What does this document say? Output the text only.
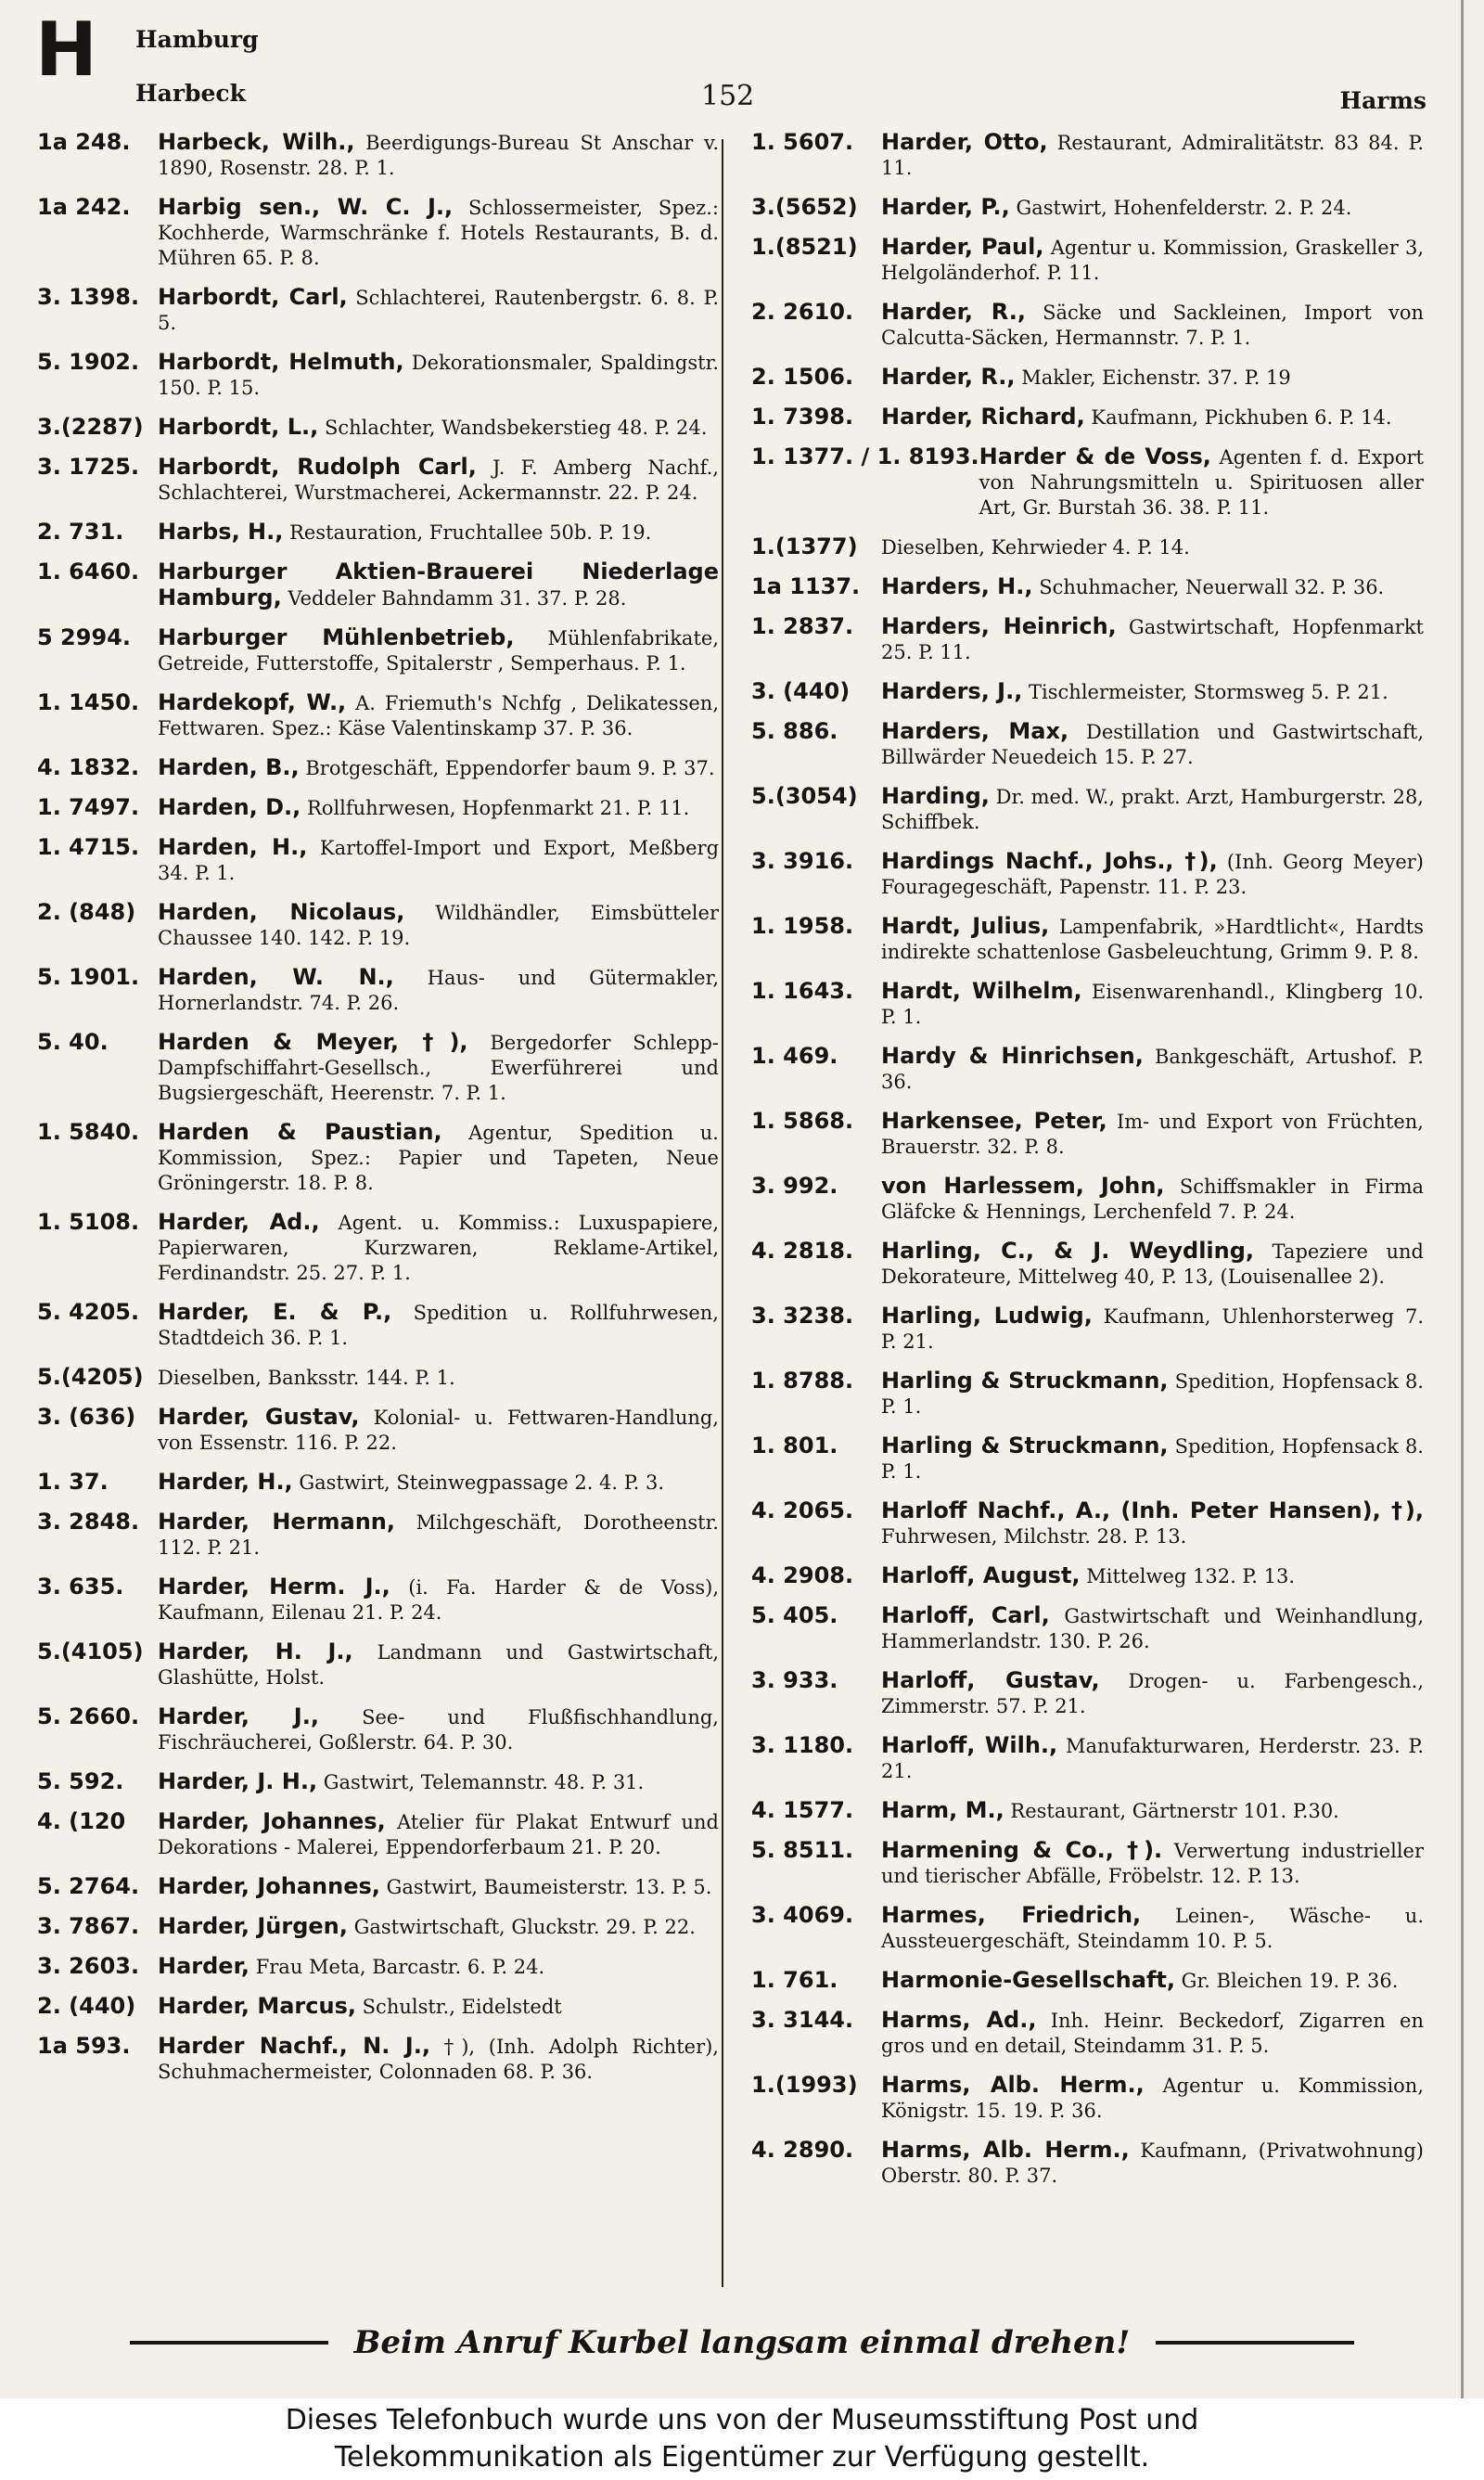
H Hamburg
Harbeck	152	Harms
1a 248.	Harbeck, Wilh., Beerdigungs-Bureau St Anschar v. 1890, Rosenstr. 28. P. 1.
1a 242.	Harbig sen., W. C. J., Schlossermeister, Spez.: Kochherde, Warmschränke f. Hotels Restaurants, B. d. Mühren 65. P. 8.
3. 1398. Harbordt, Carl, Schlachterei, Rautenbergstr. 6. 8. P. 5.
5. 1902. Harbordt, Helmuth, Dekorationsmaler, Spaldingstr. 150. P. 15.
3.(2287) Harbordt, L., Schlachter, Wandsbekerstieg 48. P. 24.
3. 1725. Harbordt, Rudolph Carl, J. F. Amberg Nachf., Schlachterei, Wurstmacherei, Ackermannstr. 22. P. 24.
2. 731.	Harbs, H., Restauration, Fruchtallee 50b. P. 19.
1. 6460. Harburger Aktien-Brauerei Niederlage Hamburg, Veddeler Bahndamm 31. 37. P. 28.
5 2994.	Harburger Mühlenbetrieb, Mühlenfabrikate, Getreide, Futterstoffe, Spitalerstr , Semperhaus. P. 1.
1. 1450. Hardekopf, W., A. Friemuth's Nchfg , Delikatessen, Fettwaren. Spez.: Käse Valentinskamp 37. P. 36.
4. 1832. Harden, B., Brotgeschäft, Eppendorfer baum 9. P. 37.
1. 7497. Harden, D., Rollfuhrwesen, Hopfenmarkt 21. P. 11.
1. 4715. Harden, H., Kartoffel-Import und Export, Meßberg 34. P. 1.
2. (848) Harden, Nicolaus, Wildhändler, Eimsbütteler Chaussee 140. 142. P. 19.
5. 1901. Harden, W. N., Haus- und Gütermakler, Hornerlandstr. 74. P. 26.
5. 40.	Harden & Meyer, †), Bergedorfer Schlepp-Dampfschiffahrt-Gesellsch., Ewerführerei und Bugsiergeschäft, Heerenstr. 7. P. 1.
1. 5840. Harden & Paustian, Agentur, Spedition u. Kommission, Spez.: Papier und Tapeten, Neue Gröningerstr. 18. P. 8.
1. 5108. Harder, Ad., Agent. u. Kommiss.: Luxuspapiere, Papierwaren, Kurzwaren, Reklame-Artikel, Ferdinandstr. 25. 27. P. 1.
5. 4205. Harder, E. & P., Spedition u. Rollfuhrwesen, Stadtdeich 36. P. 1.
5.(4205) Dieselben, Banksstr. 144. P. 1.
3. (636) Harder, Gustav, Kolonial- u. Fettwaren-Handlung, von Essenstr. 116. P. 22.
1. 37.	Harder, H., Gastwirt, Steinwegpassage 2. 4. P. 3.
3. 2848. Harder, Hermann, Milchgeschäft, Dorotheenstr. 112. P. 21.
3. 635.	Harder, Herm. J., (i. Fa. Harder & de Voss), Kaufmann, Eilenau 21. P. 24.
5.(4105) Harder, H. J., Landmann und Gastwirtschaft, Glashütte, Holst.
5. 2660. Harder, J., See- und Flußfischhandlung, Fischräucherei, Goßlerstr. 64. P. 30.
5. 592.	Harder, J. H., Gastwirt, Telemannstr. 48. P. 31.
4. (120	Harder, Johannes, Atelier für Plakat Entwurf und Dekorations - Malerei, Eppendorferbaum 21. P. 20.
5. 2764. Harder, Johannes, Gastwirt, Baumeisterstr. 13. P. 5.
3. 7867. Harder, Jürgen, Gastwirtschaft, Gluckstr. 29. P. 22.
3. 2603. Harder, Frau Meta, Barcastr. 6. P. 24.
2. (440) Harder, Marcus, Schulstr., Eidelstedt
1a 593.	Harder Nachf., N. J., †), (Inh. Adolph Richter), Schuhmachermeister, Colonnaden 68. P. 36.
1. 5607.	Harder, Otto, Restaurant, Admiralitätstr. 83 84. P. 11.
3.(5652)	Harder, P., Gastwirt, Hohenfelderstr. 2. P. 24.
1.(8521)	Harder, Paul, Agentur u. Kommission, Graskeller 3, Helgoländerhof. P. 11.
2. 2610.	Harder, R., Säcke und Sackleinen, Import von Calcutta-Säcken, Hermannstr. 7. P. 1.
2. 1506.	Harder, R., Makler, Eichenstr. 37. P. 19
1. 7398.	Harder, Richard, Kaufmann, Pickhuben 6. P. 14.
1. 1377. / 1. 8193. Harder & de Voss, Agenten f. d. Export von Nahrungsmitteln u. Spirituosen aller Art, Gr. Burstah 36. 38. P. 11.
1.(1377)	Dieselben, Kehrwieder 4. P. 14.
1a 1137. Harders, H., Schuhmacher, Neuerwall 32. P. 36.
1. 2837.	Harders, Heinrich, Gastwirtschaft, Hopfenmarkt 25. P. 11.
3. (440)	Harders, J., Tischlermeister, Stormsweg 5. P. 21.
5. 886.	Harders, Max, Destillation und Gastwirtschaft, Billwärder Neuedeich 15. P. 27.
5.(3054)	Harding, Dr. med. W., prakt. Arzt, Hamburgerstr. 28, Schiffbek.
3. 3916.	Hardings Nachf., Johs., †), (Inh. Georg Meyer) Fouragegeschäft, Papenstr. 11. P. 23.
1. 1958.	Hardt, Julius, Lampenfabrik, »Hardtlicht«, Hardts indirekte schattenlose Gasbeleuchtung, Grimm 9. P. 8.
1. 1643.	Hardt, Wilhelm, Eisenwarenhandl., Klingberg 10. P. 1.
1. 469.	Hardy & Hinrichsen, Bankgeschäft, Artushof. P. 36.
1. 5868.	Harkensee, Peter, Im- und Export von Früchten, Brauerstr. 32. P. 8.
3. 992.	von Harlessem, John, Schiffsmakler in Firma Gläfcke & Hennings, Lerchenfeld 7. P. 24.
4. 2818.	Harling, C., & J. Weydling, Tapeziere und Dekorateure, Mittelweg 40, P. 13, (Louisenallee 2).
3. 3238.	Harling, Ludwig, Kaufmann, Uhlenhorsterweg 7. P. 21.
1. 8788.	Harling & Struckmann, Spedition, Hopfensack 8. P. 1.
1. 801.	Harling & Struckmann, Spedition, Hopfensack 8. P. 1.
4. 2065.	Harloff Nachf., A., (Inh. Peter Hansen), †), Fuhrwesen, Milchstr. 28. P. 13.
4. 2908.	Harloff, August, Mittelweg 132. P. 13.
5. 405.	Harloff, Carl, Gastwirtschaft und Weinhandlung, Hammerlandstr. 130. P. 26.
3. 933.	Harloff, Gustav, Drogen- u. Farbengesch., Zimmerstr. 57. P. 21.
3. 1180.	Harloff, Wilh., Manufakturwaren, Herderstr. 23. P. 21.
4. 1577.	Harm, M., Restaurant, Gärtnerstr 101. P.30.
5. 8511.	Harmening & Co., †). Verwertung industrieller und tierischer Abfälle, Fröbelstr. 12. P. 13.
3. 4069.	Harmes, Friedrich, Leinen-, Wäsche- u. Aussteuergeschäft, Steindamm 10. P. 5.
1. 761.	Harmonie-Gesellschaft, Gr. Bleichen 19. P. 36.
3. 3144.	Harms, Ad., Inh. Heinr. Beckedorf, Zigarren en gros und en detail, Steindamm 31. P. 5.
1.(1993)	Harms, Alb. Herm., Agentur u. Kommission, Königstr. 15. 19. P. 36.
4. 2890.	Harms, Alb. Herm., Kaufmann, (Privatwohnung) Oberstr. 80. P. 37.
Beim Anruf Kurbel langsam einmal drehen!
Dieses Telefonbuch wurde uns von der Museumsstiftung Post und
Telekommunikation als Eigentümer zur Verfügung gestellt.
